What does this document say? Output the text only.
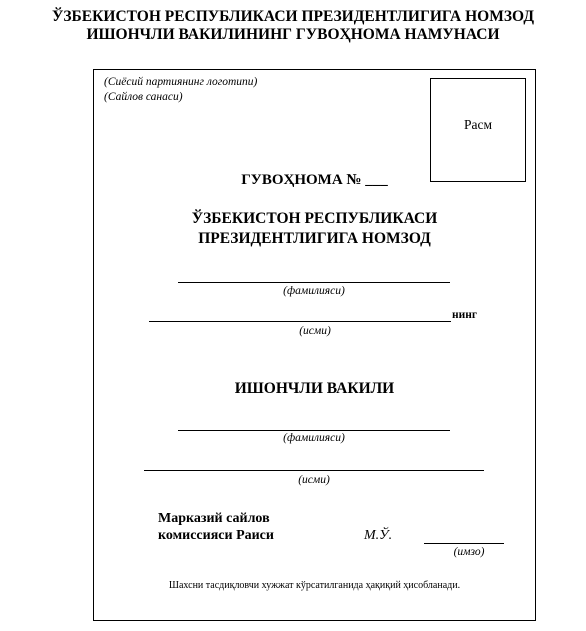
ЎЗБЕКИСТОН РЕСПУБЛИКАСИ ПРЕЗИДЕНТЛИГИГА НОМЗОД
ИШОНЧЛИ ВАКИЛИНИНГ ГУВОҲНОМА НАМУНАСИ
(Сиёсий партиянинг логотипи)
(Сайлов санаси)
Расм
ГУВОҲНОМА № ___
ЎЗБЕКИСТОН РЕСПУБЛИКАСИ
ПРЕЗИДЕНТЛИГИГА НОМЗОД
(фамилияси)
нинг
(исми)
ИШОНЧЛИ ВАКИЛИ
(фамилияси)
(исми)
Марказий сайлов
комиссияси Раиси	М.Ў.
(имзо)
Шахсни тасдиқловчи хужжат кўрсатилганида ҳақиқий ҳисобланади.
